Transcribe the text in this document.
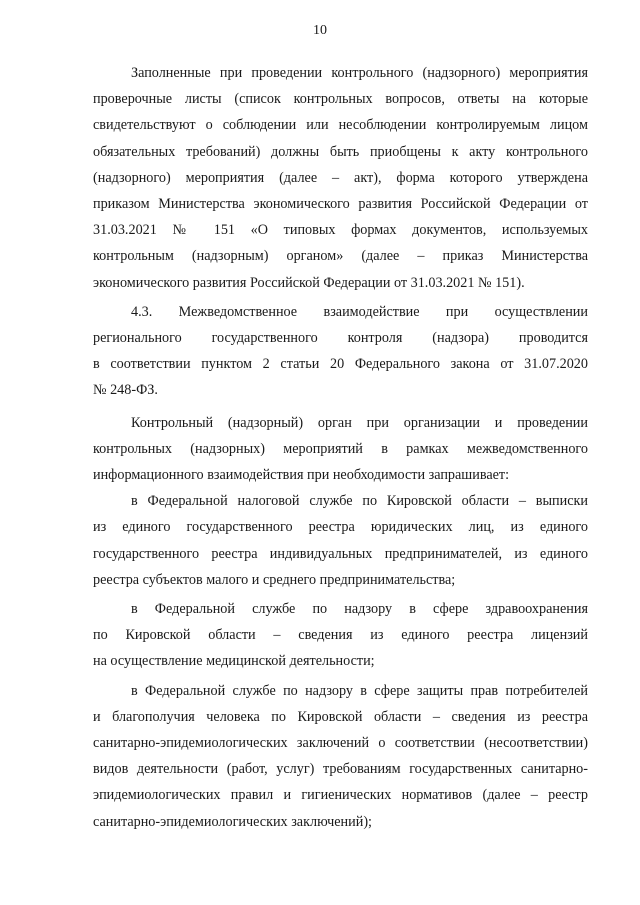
10

Заполненные при проведении контрольного (надзорного) мероприятия
проверочные листы (список контрольных вопросов, ответы на которые
свидетельствуют о соблюдении или несоблюдении контролируемым лицом
обязательных требований) должны быть приобщены к акту контрольного
(надзорного) мероприятия (далее – акт), форма которого утверждена
приказом Министерства экономического развития Российской Федерации от
31.03.2021 № 151 «О типовых формах документов, используемых
контрольным (надзорным) органом» (далее – приказ Министерства
экономического развития Российской Федерации от 31.03.2021 № 151).

4.3. Межведомственное взаимодействие при осуществлении
регионального государственного контроля (надзора) проводится
в соответствии пунктом 2 статьи 20 Федерального закона от 31.07.2020
№ 248-ФЗ.

Контрольный (надзорный) орган при организации и проведении
контрольных (надзорных) мероприятий в рамках межведомственного
информационного взаимодействия при необходимости запрашивает:

в Федеральной налоговой службе по Кировской области – выписки
из единого государственного реестра юридических лиц, из единого
государственного реестра индивидуальных предпринимателей, из единого
реестра субъектов малого и среднего предпринимательства;

в Федеральной службе по надзору в сфере здравоохранения
по Кировской области – сведения из единого реестра лицензий
на осуществление медицинской деятельности;

в Федеральной службе по надзору в сфере защиты прав потребителей
и благополучия человека по Кировской области – сведения из реестра
санитарно-эпидемиологических заключений о соответствии (несоответствии)
видов деятельности (работ, услуг) требованиям государственных санитарно-
эпидемиологических правил и гигиенических нормативов (далее – реестр
санитарно-эпидемиологических заключений);
